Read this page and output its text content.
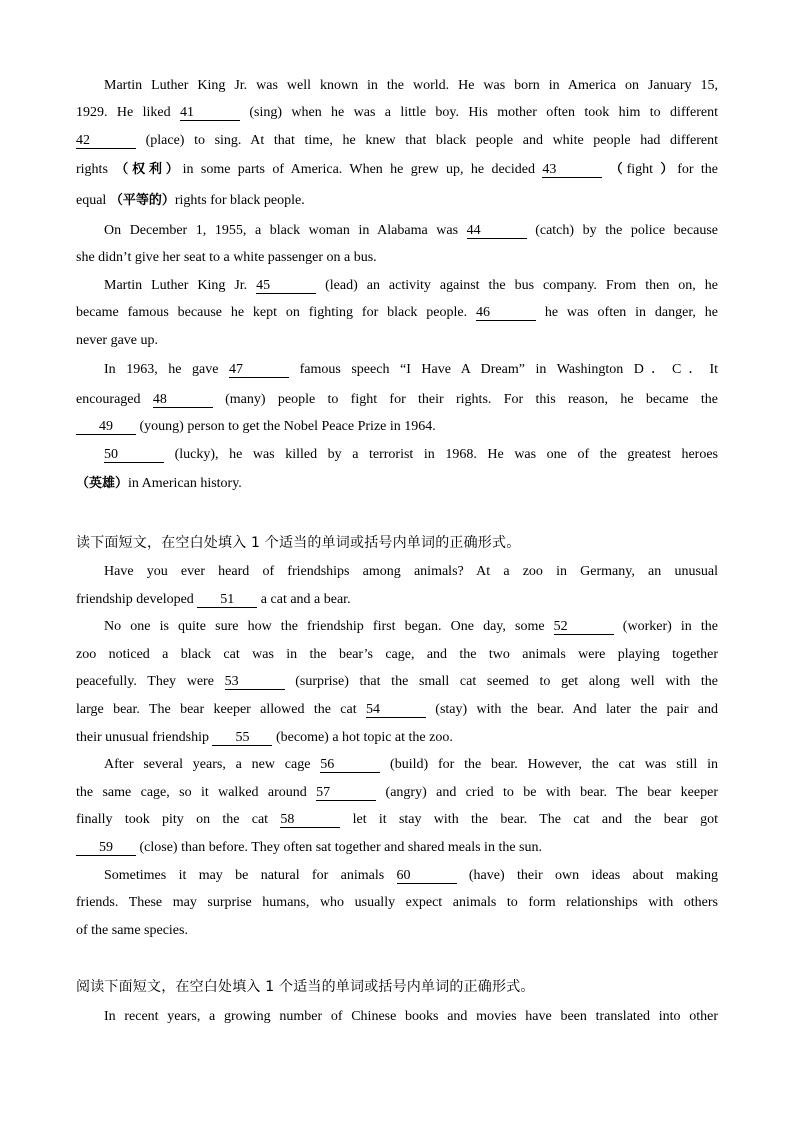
Martin Luther King Jr. was well known in the world. He was born in America on January 15,

1929. He liked 41	(sing) when he was a little boy. His mother often took him to different

42	(place) to sing. At that time, he knew that black people and white people had different

rights （权利）in some parts of America. When he grew up, he decided 43	（fight ）for the

equal （平等的）rights for black people.

On December 1, 1955, a black woman in Alabama was 44	(catch) by the police because

she didn’t give her seat to a white passenger on a bus.

Martin Luther King Jr. 45	(lead) an activity against the bus company. From then on, he

became famous because he kept on fighting for black people. 46	he was often in danger, he

never gave up.

In 1963, he gave 47	famous speech “I Have A Dream” in Washington D．C．It

encouraged 48	(many) people to fight for their rights. For this reason, he became the

49 (young) person to get the Nobel Peace Prize in 1964.

50	(lucky), he was killed by a terrorist in 1968. He was one of the greatest heroes

（英雄）in American history.

读下面短文，在空白处填入 1 个适当的单词或括号内单词的正确形式。

Have you ever heard of friendships among animals? At a zoo in Germany, an unusual

friendship developed 51 a cat and a bear.

No one is quite sure how the friendship first began. One day, some 52	(worker) in the

zoo noticed a black cat was in the bear’s cage, and the two animals were playing together

peacefully. They were 53	(surprise) that the small cat seemed to get along well with the

large bear. The bear keeper allowed the cat 54	(stay) with the bear. And later the pair and

their unusual friendship 55 (become) a hot topic at the zoo.

After several years, a new cage 56	(build) for the bear. However, the cat was still in

the same cage, so it walked around 57	(angry) and cried to be with bear. The bear keeper

finally took pity on the cat 58	let it stay with the bear. The cat and the bear got

59 (close) than before. They often sat together and shared meals in the sun.

Sometimes it may be natural for animals 60	(have) their own ideas about making

friends. These may surprise humans, who usually expect animals to form relationships with others

of the same species.

阅读下面短文，在空白处填入 1 个适当的单词或括号内单词的正确形式。

In recent years, a growing number of Chinese books and movies have been translated into other
